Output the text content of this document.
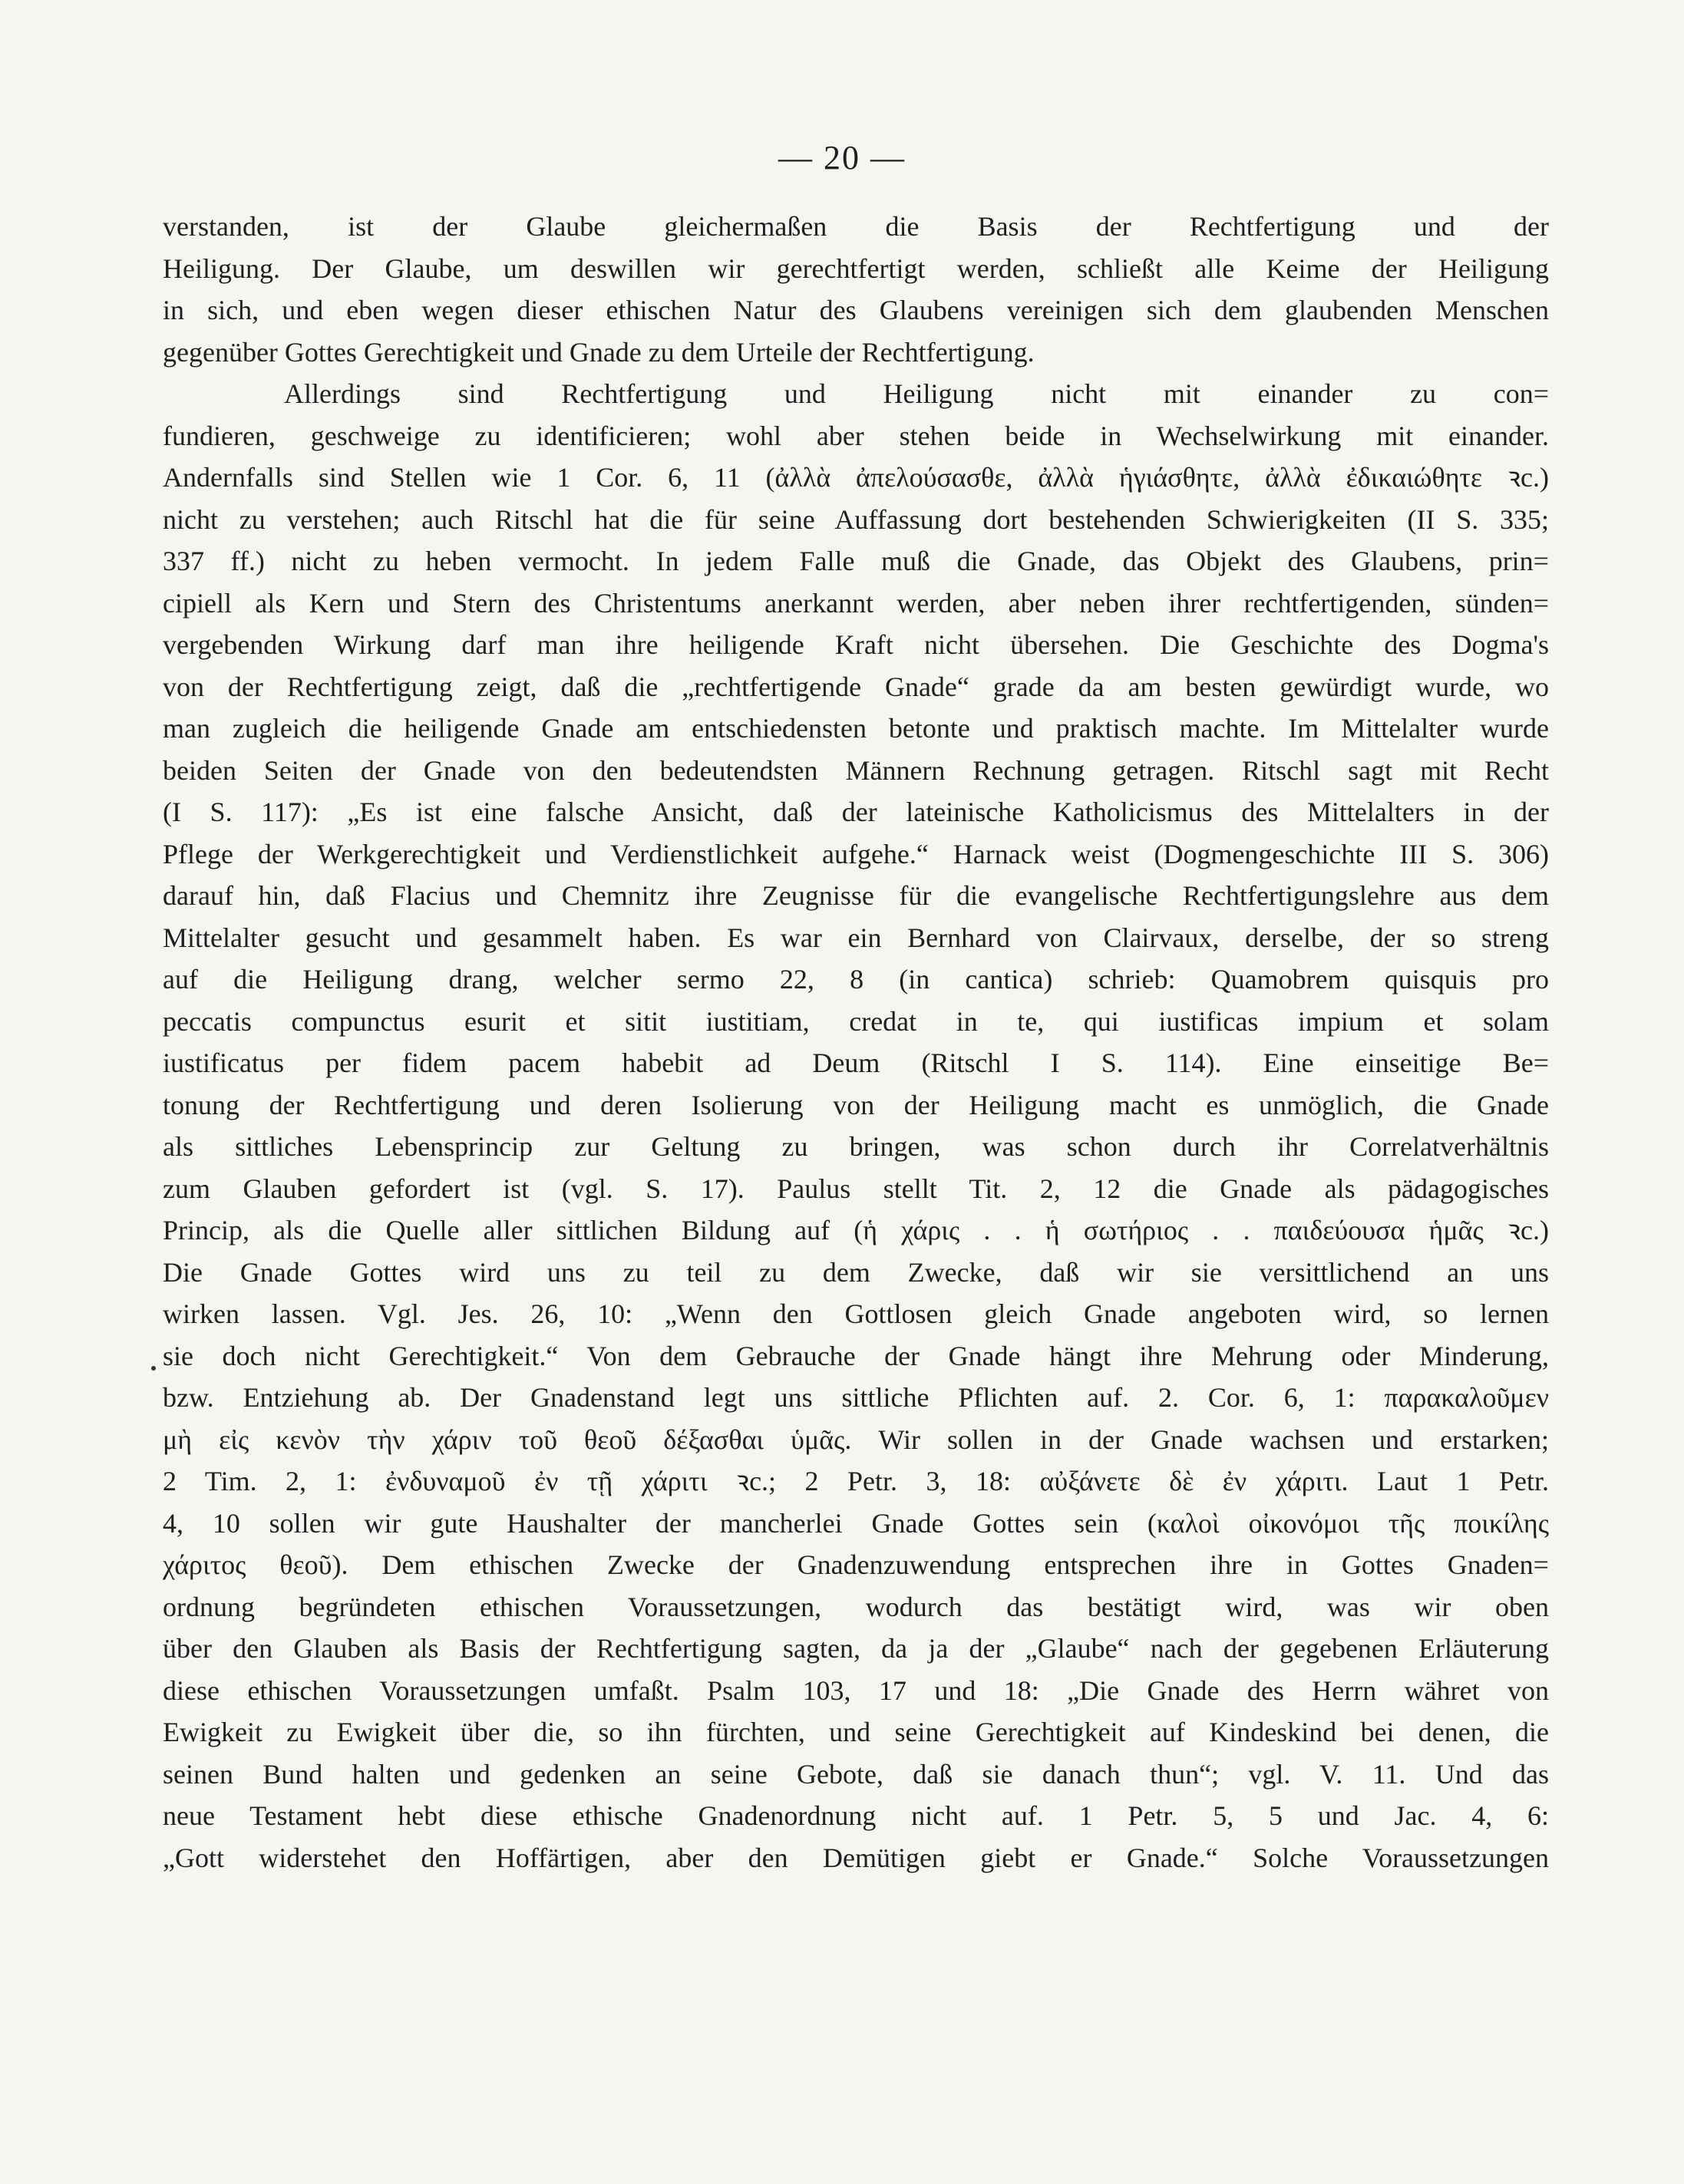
— 20 —
verstanden, ist der Glaube gleichermaßen die Basis der Rechtfertigung und der
Heiligung. Der Glaube, um deswillen wir gerechtfertigt werden, schließt alle Keime der Heiligung
in sich, und eben wegen dieser ethischen Natur des Glaubens vereinigen sich dem glaubenden Menschen
gegenüber Gottes Gerechtigkeit und Gnade zu dem Urteile der Rechtfertigung.
Allerdings sind Rechtfertigung und Heiligung nicht mit einander zu con=
fundieren, geschweige zu identificieren; wohl aber stehen beide in Wechselwirkung mit einander.
Andernfalls sind Stellen wie 1 Cor. 6, 11 (ἀλλὰ ἀπελούσασθε, ἀλλὰ ἡγιάσθητε, ἀλλὰ ἐδικαιώθητε ꝛc.)
nicht zu verstehen; auch Ritschl hat die für seine Auffassung dort bestehenden Schwierigkeiten (II S. 335;
337 ff.) nicht zu heben vermocht. In jedem Falle muß die Gnade, das Objekt des Glaubens, prin=
cipiell als Kern und Stern des Christentums anerkannt werden, aber neben ihrer rechtfertigenden, sünden=
vergebenden Wirkung darf man ihre heiligende Kraft nicht übersehen. Die Geschichte des Dogma's
von der Rechtfertigung zeigt, daß die „rechtfertigende Gnade“ grade da am besten gewürdigt wurde, wo
man zugleich die heiligende Gnade am entschiedensten betonte und praktisch machte. Im Mittelalter wurde
beiden Seiten der Gnade von den bedeutendsten Männern Rechnung getragen. Ritschl sagt mit Recht
(I S. 117): „Es ist eine falsche Ansicht, daß der lateinische Katholicismus des Mittelalters in der
Pflege der Werkgerechtigkeit und Verdienstlichkeit aufgehe.“ Harnack weist (Dogmengeschichte III S. 306)
darauf hin, daß Flacius und Chemnitz ihre Zeugnisse für die evangelische Rechtfertigungslehre aus dem
Mittelalter gesucht und gesammelt haben. Es war ein Bernhard von Clairvaux, derselbe, der so streng
auf die Heiligung drang, welcher sermo 22, 8 (in cantica) schrieb: Quamobrem quisquis pro
peccatis compunctus esurit et sitit iustitiam, credat in te, qui iustificas impium et solam
iustificatus per fidem pacem habebit ad Deum (Ritschl I S. 114). Eine einseitige Be=
tonung der Rechtfertigung und deren Isolierung von der Heiligung macht es unmöglich, die Gnade
als sittliches Lebensprincip zur Geltung zu bringen, was schon durch ihr Correlatverhältnis
zum Glauben gefordert ist (vgl. S. 17). Paulus stellt Tit. 2, 12 die Gnade als pädagogisches
Princip, als die Quelle aller sittlichen Bildung auf (ἡ χάρις . . ἡ σωτήριος . . παιδεύουσα ἡμᾶς ꝛc.)
Die Gnade Gottes wird uns zu teil zu dem Zwecke, daß wir sie versittlichend an uns
wirken lassen. Vgl. Jes. 26, 10: „Wenn den Gottlosen gleich Gnade angeboten wird, so lernen
sie doch nicht Gerechtigkeit.“ Von dem Gebrauche der Gnade hängt ihre Mehrung oder Minderung,
bzw. Entziehung ab. Der Gnadenstand legt uns sittliche Pflichten auf. 2. Cor. 6, 1: παρακαλοῦμεν
μὴ εἰς κενὸν τὴν χάριν τοῦ θεοῦ δέξασθαι ὑμᾶς. Wir sollen in der Gnade wachsen und erstarken;
2 Tim. 2, 1: ἐνδυναμοῦ ἐν τῇ χάριτι ꝛc.; 2 Petr. 3, 18: αὐξάνετε δὲ ἐν χάριτι. Laut 1 Petr.
4, 10 sollen wir gute Haushalter der mancherlei Gnade Gottes sein (καλοὶ οἰκονόμοι τῆς ποικίλης
χάριτος θεοῦ). Dem ethischen Zwecke der Gnadenzuwendung entsprechen ihre in Gottes Gnaden=
ordnung begründeten ethischen Voraussetzungen, wodurch das bestätigt wird, was wir oben
über den Glauben als Basis der Rechtfertigung sagten, da ja der „Glaube“ nach der gegebenen Erläuterung
diese ethischen Voraussetzungen umfaßt. Psalm 103, 17 und 18: „Die Gnade des Herrn währet von
Ewigkeit zu Ewigkeit über die, so ihn fürchten, und seine Gerechtigkeit auf Kindeskind bei denen, die
seinen Bund halten und gedenken an seine Gebote, daß sie danach thun“; vgl. V. 11. Und das
neue Testament hebt diese ethische Gnadenordnung nicht auf. 1 Petr. 5, 5 und Jac. 4, 6:
„Gott widerstehet den Hoffärtigen, aber den Demütigen giebt er Gnade.“ Solche Voraussetzungen
